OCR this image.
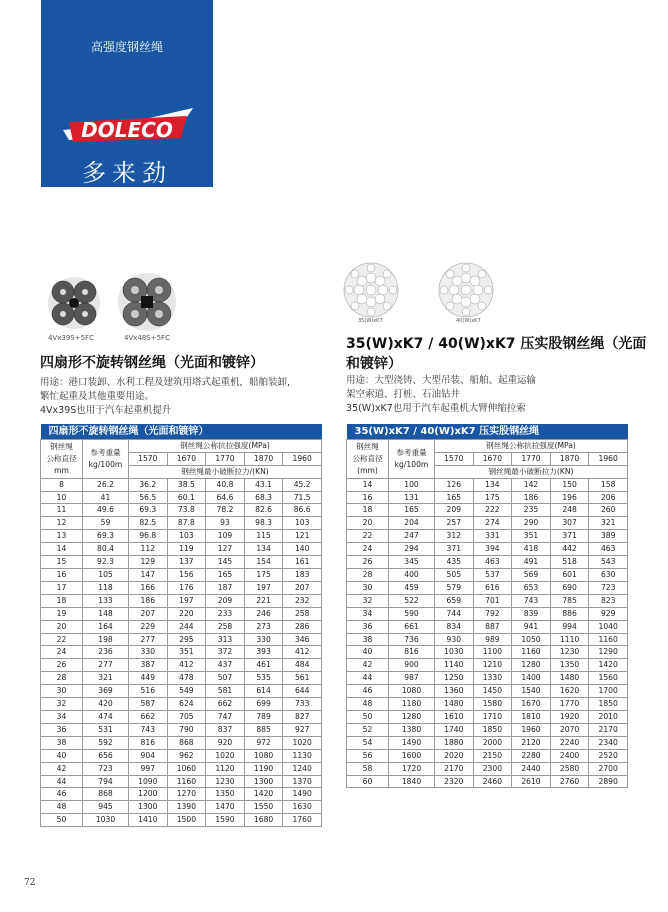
高强度钢丝绳
DOLECO
多来劲
4Vx39S+5FC	4Vx48S+5FC
35(W)xK7	40(W)xK7
四扇形不旋转钢丝绳（光面和镀锌）
用途：港口装卸、水利工程及建筑用塔式起重机，船舶装卸，
繁忙起重及其他重要用途。
4Vx39S也用于汽车起重机提升
35(W)xK7 / 40(W)xK7 压实股钢丝绳（光面
和镀锌）
用途：大型浇铸、大型吊装、船舶、起重运输
架空索道、打桩、石油钻井
35(W)xK7也用于汽车起重机大臂伸缩拉索
四扇形不旋转钢丝绳（光面和镀锌）						
钢丝绳
公称直径
mm	参考重量
kg/100m	钢丝绳公称抗拉强度(MPa)				
		1570	1670	1770	1870	1960
		钢丝绳最小破断拉力/(KN)				
8	26.2	36.2	38.5	40.8	43.1	45.2
10	41	56.5	60.1	64.6	68.3	71.5
11	49.6	69.3	73.8	78.2	82.6	86.6
12	59	82.5	87.8	93	98.3	103
13	69.3	96.8	103	109	115	121
14	80.4	112	119	127	134	140
15	92.3	129	137	145	154	161
16	105	147	156	165	175	183
17	118	166	176	187	197	207
18	133	186	197	209	221	232
19	148	207	220	233	246	258
20	164	229	244	258	273	286
22	198	277	295	313	330	346
24	236	330	351	372	393	412
26	277	387	412	437	461	484
28	321	449	478	507	535	561
30	369	516	549	581	614	644
32	420	587	624	662	699	733
34	474	662	705	747	789	827
36	531	743	790	837	885	927
38	592	816	868	920	972	1020
40	656	904	962	1020	1080	1130
42	723	997	1060	1120	1190	1240
44	794	1090	1160	1230	1300	1370
46	868	1200	1270	1350	1420	1490
48	945	1300	1390	1470	1550	1630
50	1030	1410	1500	1590	1680	1760
35(W)xK7 / 40(W)xK7 压实股钢丝绳						
钢丝绳
公称直径
(mm)	参考重量
kg/100m	钢丝绳公称抗拉强度(MPa)				
		1570	1670	1770	1870	1960
		钢丝绳最小破断拉力(KN)				
14	100	126	134	142	150	158
16	131	165	175	186	196	206
18	165	209	222	235	248	260
20	204	257	274	290	307	321
22	247	312	331	351	371	389
24	294	371	394	418	442	463
26	345	435	463	491	518	543
28	400	505	537	569	601	630
30	459	579	616	653	690	723
32	522	659	701	743	785	823
34	590	744	792	839	886	929
36	661	834	887	941	994	1040
38	736	930	989	1050	1110	1160
40	816	1030	1100	1160	1230	1290
42	900	1140	1210	1280	1350	1420
44	987	1250	1330	1400	1480	1560
46	1080	1360	1450	1540	1620	1700
48	1180	1480	1580	1670	1770	1850
50	1280	1610	1710	1810	1920	2010
52	1380	1740	1850	1960	2070	2170
54	1490	1880	2000	2120	2240	2340
56	1600	2020	2150	2280	2400	2520
58	1720	2170	2300	2440	2580	2700
60	1840	2320	2460	2610	2760	2890
72
